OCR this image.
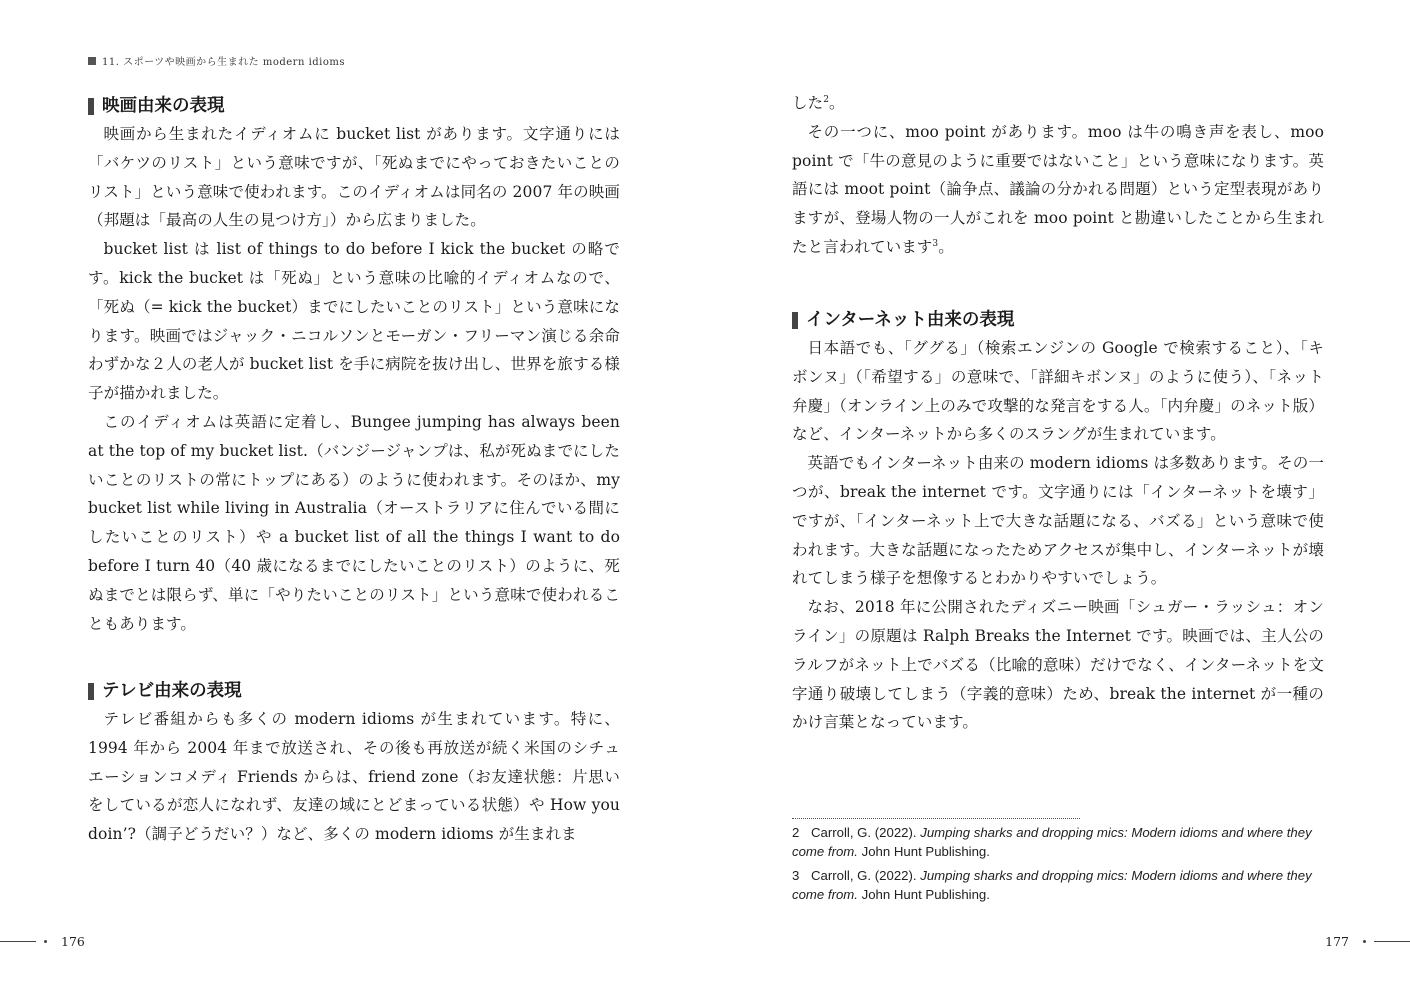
11. スポーツや映画から生まれた modern idioms
映画由来の表現

映画から生まれたイディオムに bucket list があります。文字通りには「バケツのリスト」という意味ですが、「死ぬまでにやっておきたいことのリスト」という意味で使われます。このイディオムは同名の 2007 年の映画（邦題は「最高の人生の見つけ方」）から広まりました。

bucket list は list of things to do before I kick the bucket の略です。kick the bucket は「死ぬ」という意味の比喩的イディオムなので、「死ぬ（= kick the bucket）までにしたいことのリスト」という意味になります。映画ではジャック・ニコルソンとモーガン・フリーマン演じる余命わずかな２人の老人が bucket list を手に病院を抜け出し、世界を旅する様子が描かれました。

このイディオムは英語に定着し、Bungee jumping has always been at the top of my bucket list.（バンジージャンプは、私が死ぬまでにしたいことのリストの常にトップにある）のように使われます。そのほか、my bucket list while living in Australia（オーストラリアに住んでいる間にしたいことのリスト）や a bucket list of all the things I want to do before I turn 40（40 歳になるまでにしたいことのリスト）のように、死ぬまでとは限らず、単に「やりたいことのリスト」という意味で使われることもあります。

テレビ由来の表現

テレビ番組からも多くの modern idioms が生まれています。特に、1994 年から 2004 年まで放送され、その後も再放送が続く米国のシチュエーションコメディ Friends からは、friend zone（お友達状態：片思いをしているが恋人になれず、友達の域にとどまっている状態）や How you doin’?（調子どうだい？）など、多くの modern idioms が生まれま

176

した$^2$。

その一つに、moo point があります。moo は牛の鳴き声を表し、moo point で「牛の意見のように重要ではないこと」という意味になります。英語には moot point（論争点、議論の分かれる問題）という定型表現がありますが、登場人物の一人がこれを moo point と勘違いしたことから生まれたと言われています$^3$。

インターネット由来の表現

日本語でも、「ググる」（検索エンジンの Google で検索すること）、「キボンヌ」（「希望する」の意味で、「詳細キボンヌ」のように使う）、「ネット弁慶」（オンライン上のみで攻撃的な発言をする人。「内弁慶」のネット版）など、インターネットから多くのスラングが生まれています。

英語でもインターネット由来の modern idioms は多数あります。その一つが、break the internet です。文字通りには「インターネットを壊す」ですが、「インターネット上で大きな話題になる、バズる」という意味で使われます。大きな話題になったためアクセスが集中し、インターネットが壊れてしまう様子を想像するとわかりやすいでしょう。

なお、2018 年に公開されたディズニー映画「シュガー・ラッシュ：オンライン」の原題は Ralph Breaks the Internet です。映画では、主人公のラルフがネット上でバズる（比喩的意味）だけでなく、インターネットを文字通り破壊してしまう（字義的意味）ため、break the internet が一種のかけ言葉となっています。

2 Carroll, G. (2022). Jumping sharks and dropping mics: Modern idioms and where they come from. John Hunt Publishing.
3 Carroll, G. (2022). Jumping sharks and dropping mics: Modern idioms and where they come from. John Hunt Publishing.
177
